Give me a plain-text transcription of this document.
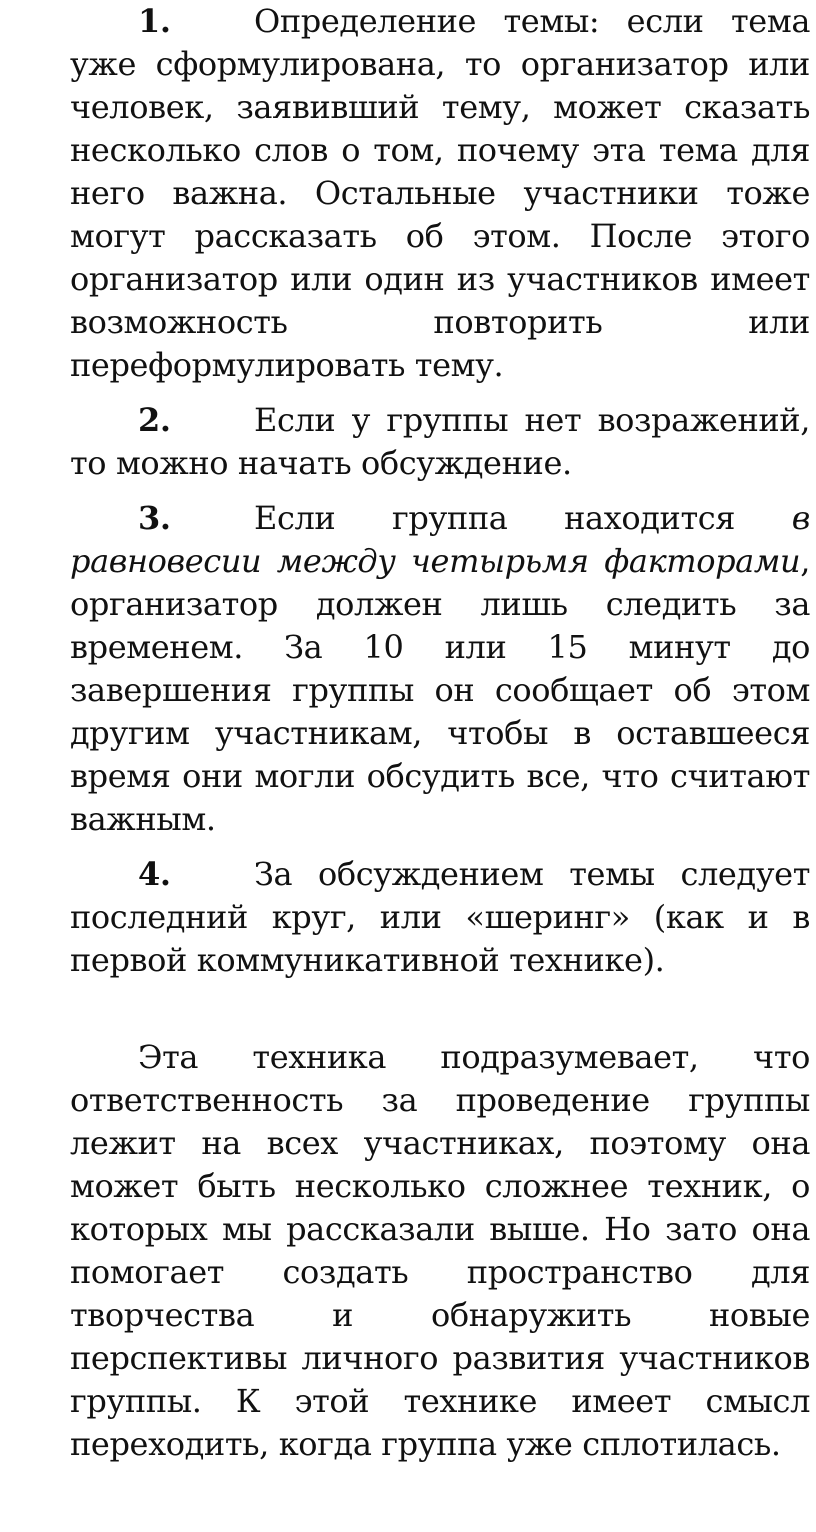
1.	Определение темы: если тема уже сформулирована, то организатор или человек, заявивший тему, может сказать несколько слов о том, почему эта тема для него важна. Остальные участники тоже могут рассказать об этом. После этого организатор или один из участников имеет возможность повторить или переформулировать тему.

2.	Если у группы нет возражений, то можно начать обсуждение.

3.	Если группа находится в равновесии между четырьмя факторами, организатор должен лишь следить за временем. За 10 или 15 минут до завершения группы он сообщает об этом другим участникам, чтобы в оставшееся время они могли обсудить все, что считают важным.

4.	За обсуждением темы следует последний круг, или «шеринг» (как и в первой коммуникативной технике).

Эта техника подразумевает, что ответственность за проведение группы лежит на всех участниках, поэтому она может быть несколько сложнее техник, о которых мы рассказали выше. Но зато она помогает создать пространство для творчества и обнаружить новые перспективы личного развития участников группы. К этой технике имеет смысл переходить, когда группа уже сплотилась.
